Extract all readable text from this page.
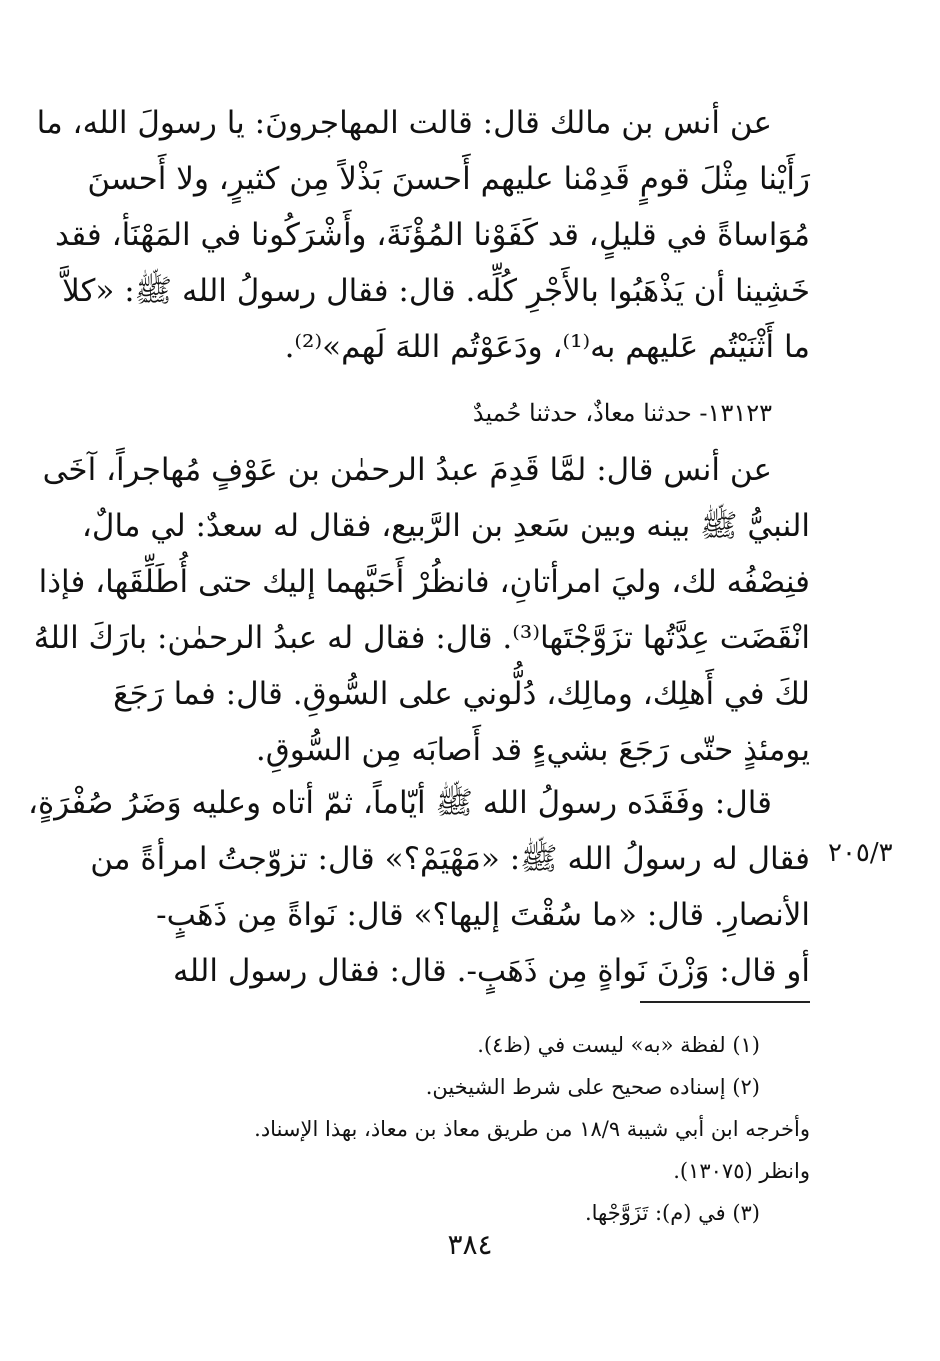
عن أنس بن مالك قال: قالت المهاجرونَ: يا رسولَ الله، ما
رَأَيْنا مِثْلَ قومٍ قَدِمْنا عليهم أَحسنَ بَذْلاً مِن كثيرٍ، ولا أَحسنَ
مُوَاساةً في قليلٍ، قد كَفَوْنا المُؤْنَةَ، وأَشْرَكُونا في المَهْنَأ، فقد
خَشِينا أن يَذْهَبُوا بالأَجْرِ كُلِّه. قال: فقال رسولُ الله ﷺ: «كلاَّ
ما أَثْنَيْتُم عَليهم به⁽¹⁾، ودَعَوْتُم اللهَ لَهم»⁽²⁾.
١٣١٢٣- حدثنا معاذٌ، حدثنا حُميدٌ
عن أنس قال: لمَّا قَدِمَ عبدُ الرحمٰن بن عَوْفٍ مُهاجراً، آخَى
النبيُّ ﷺ بينه وبين سَعدِ بن الرَّبيع، فقال له سعدٌ: لي مالٌ،
فنِصْفُه لك، وليَ امرأتانِ، فانظُرْ أَحَبَّهما إليك حتى أُطَلِّقَها، فإذا
انْقَضَت عِدَّتُها تزَوَّجْتَها⁽³⁾. قال: فقال له عبدُ الرحمٰن: بارَكَ اللهُ
لكَ في أَهلِك، ومالِك، دُلُّوني على السُّوقِ. قال: فما رَجَعَ
يومئذٍ حتّى رَجَعَ بشيءٍ قد أَصابَه مِن السُّوقِ.
قال: وفَقَدَه رسولُ الله ﷺ أيّاماً، ثمّ أتاه وعليه وَضَرُ صُفْرَةٍ،
فقال له رسولُ الله ﷺ: «مَهْيَمْ؟» قال: تزوّجتُ امرأةً من
الأنصارِ. قال: «ما سُقْتَ إليها؟» قال: نَواةً مِن ذَهَبٍ-
أو قال: وَزْنَ نَواةٍ مِن ذَهَبٍ-. قال: فقال رسول الله
٢٠٥/٣
(١) لفظة «به» ليست في (ظ٤).
(٢) إسناده صحيح على شرط الشيخين.
وأخرجه ابن أبي شيبة ١٨/٩ من طريق معاذ بن معاذ، بهذا الإسناد.
وانظر (١٣٠٧٥).
(٣) في (م): تَزَوَّجْها.
٣٨٤
